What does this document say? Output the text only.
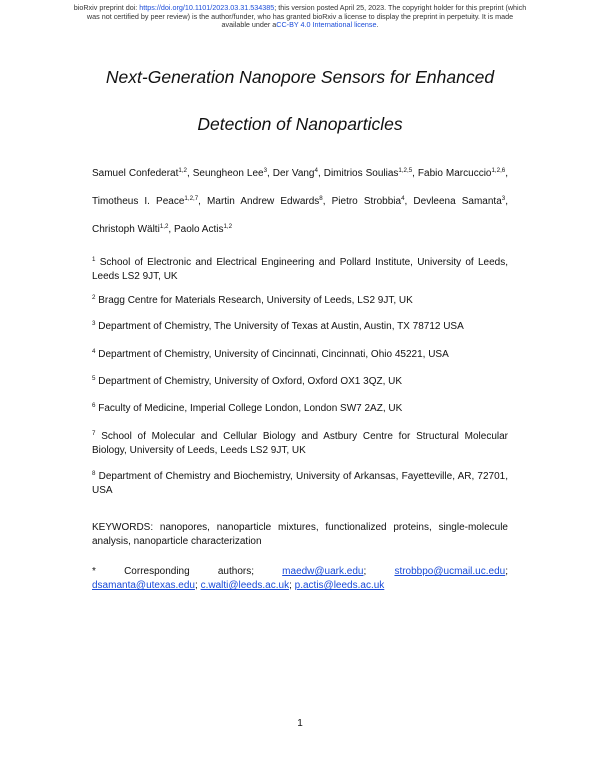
bioRxiv preprint doi: https://doi.org/10.1101/2023.03.31.534385; this version posted April 25, 2023. The copyright holder for this preprint (which
was not certified by peer review) is the author/funder, who has granted bioRxiv a license to display the preprint in perpetuity. It is made
available under aCC-BY 4.0 International license.
Next-Generation Nanopore Sensors for Enhanced
Detection of Nanoparticles
Samuel Confederat$^{1,2}$, Seungheon Lee$^3$, Der Vang$^4$, Dimitrios Soulias$^{1,2,5}$, Fabio Marcuccio$^{1,2,6}$,
Timotheus I. Peace$^{1,2,7}$, Martin Andrew Edwards$^8$, Pietro Strobbia$^4$, Devleena Samanta$^3$,
Christoph Wälti$^{1,2}$, Paolo Actis$^{1,2}$
$^1$ School of Electronic and Electrical Engineering and Pollard Institute, University of Leeds, Leeds LS2 9JT, UK
$^2$ Bragg Centre for Materials Research, University of Leeds, LS2 9JT, UK
$^3$ Department of Chemistry, The University of Texas at Austin, Austin, TX 78712 USA
$^4$ Department of Chemistry, University of Cincinnati, Cincinnati, Ohio 45221, USA
$^5$ Department of Chemistry, University of Oxford, Oxford OX1 3QZ, UK
$^6$ Faculty of Medicine, Imperial College London, London SW7 2AZ, UK
$^7$ School of Molecular and Cellular Biology and Astbury Centre for Structural Molecular Biology, University of Leeds, Leeds LS2 9JT, UK
$^8$ Department of Chemistry and Biochemistry, University of Arkansas, Fayetteville, AR, 72701, USA
KEYWORDS: nanopores, nanoparticle mixtures, functionalized proteins, single-molecule analysis, nanoparticle characterization
*	Corresponding	authors;	maedw@uark.edu;	strobbpo@ucmail.uc.edu;
dsamanta@utexas.edu; c.walti@leeds.ac.uk; p.actis@leeds.ac.uk
1
